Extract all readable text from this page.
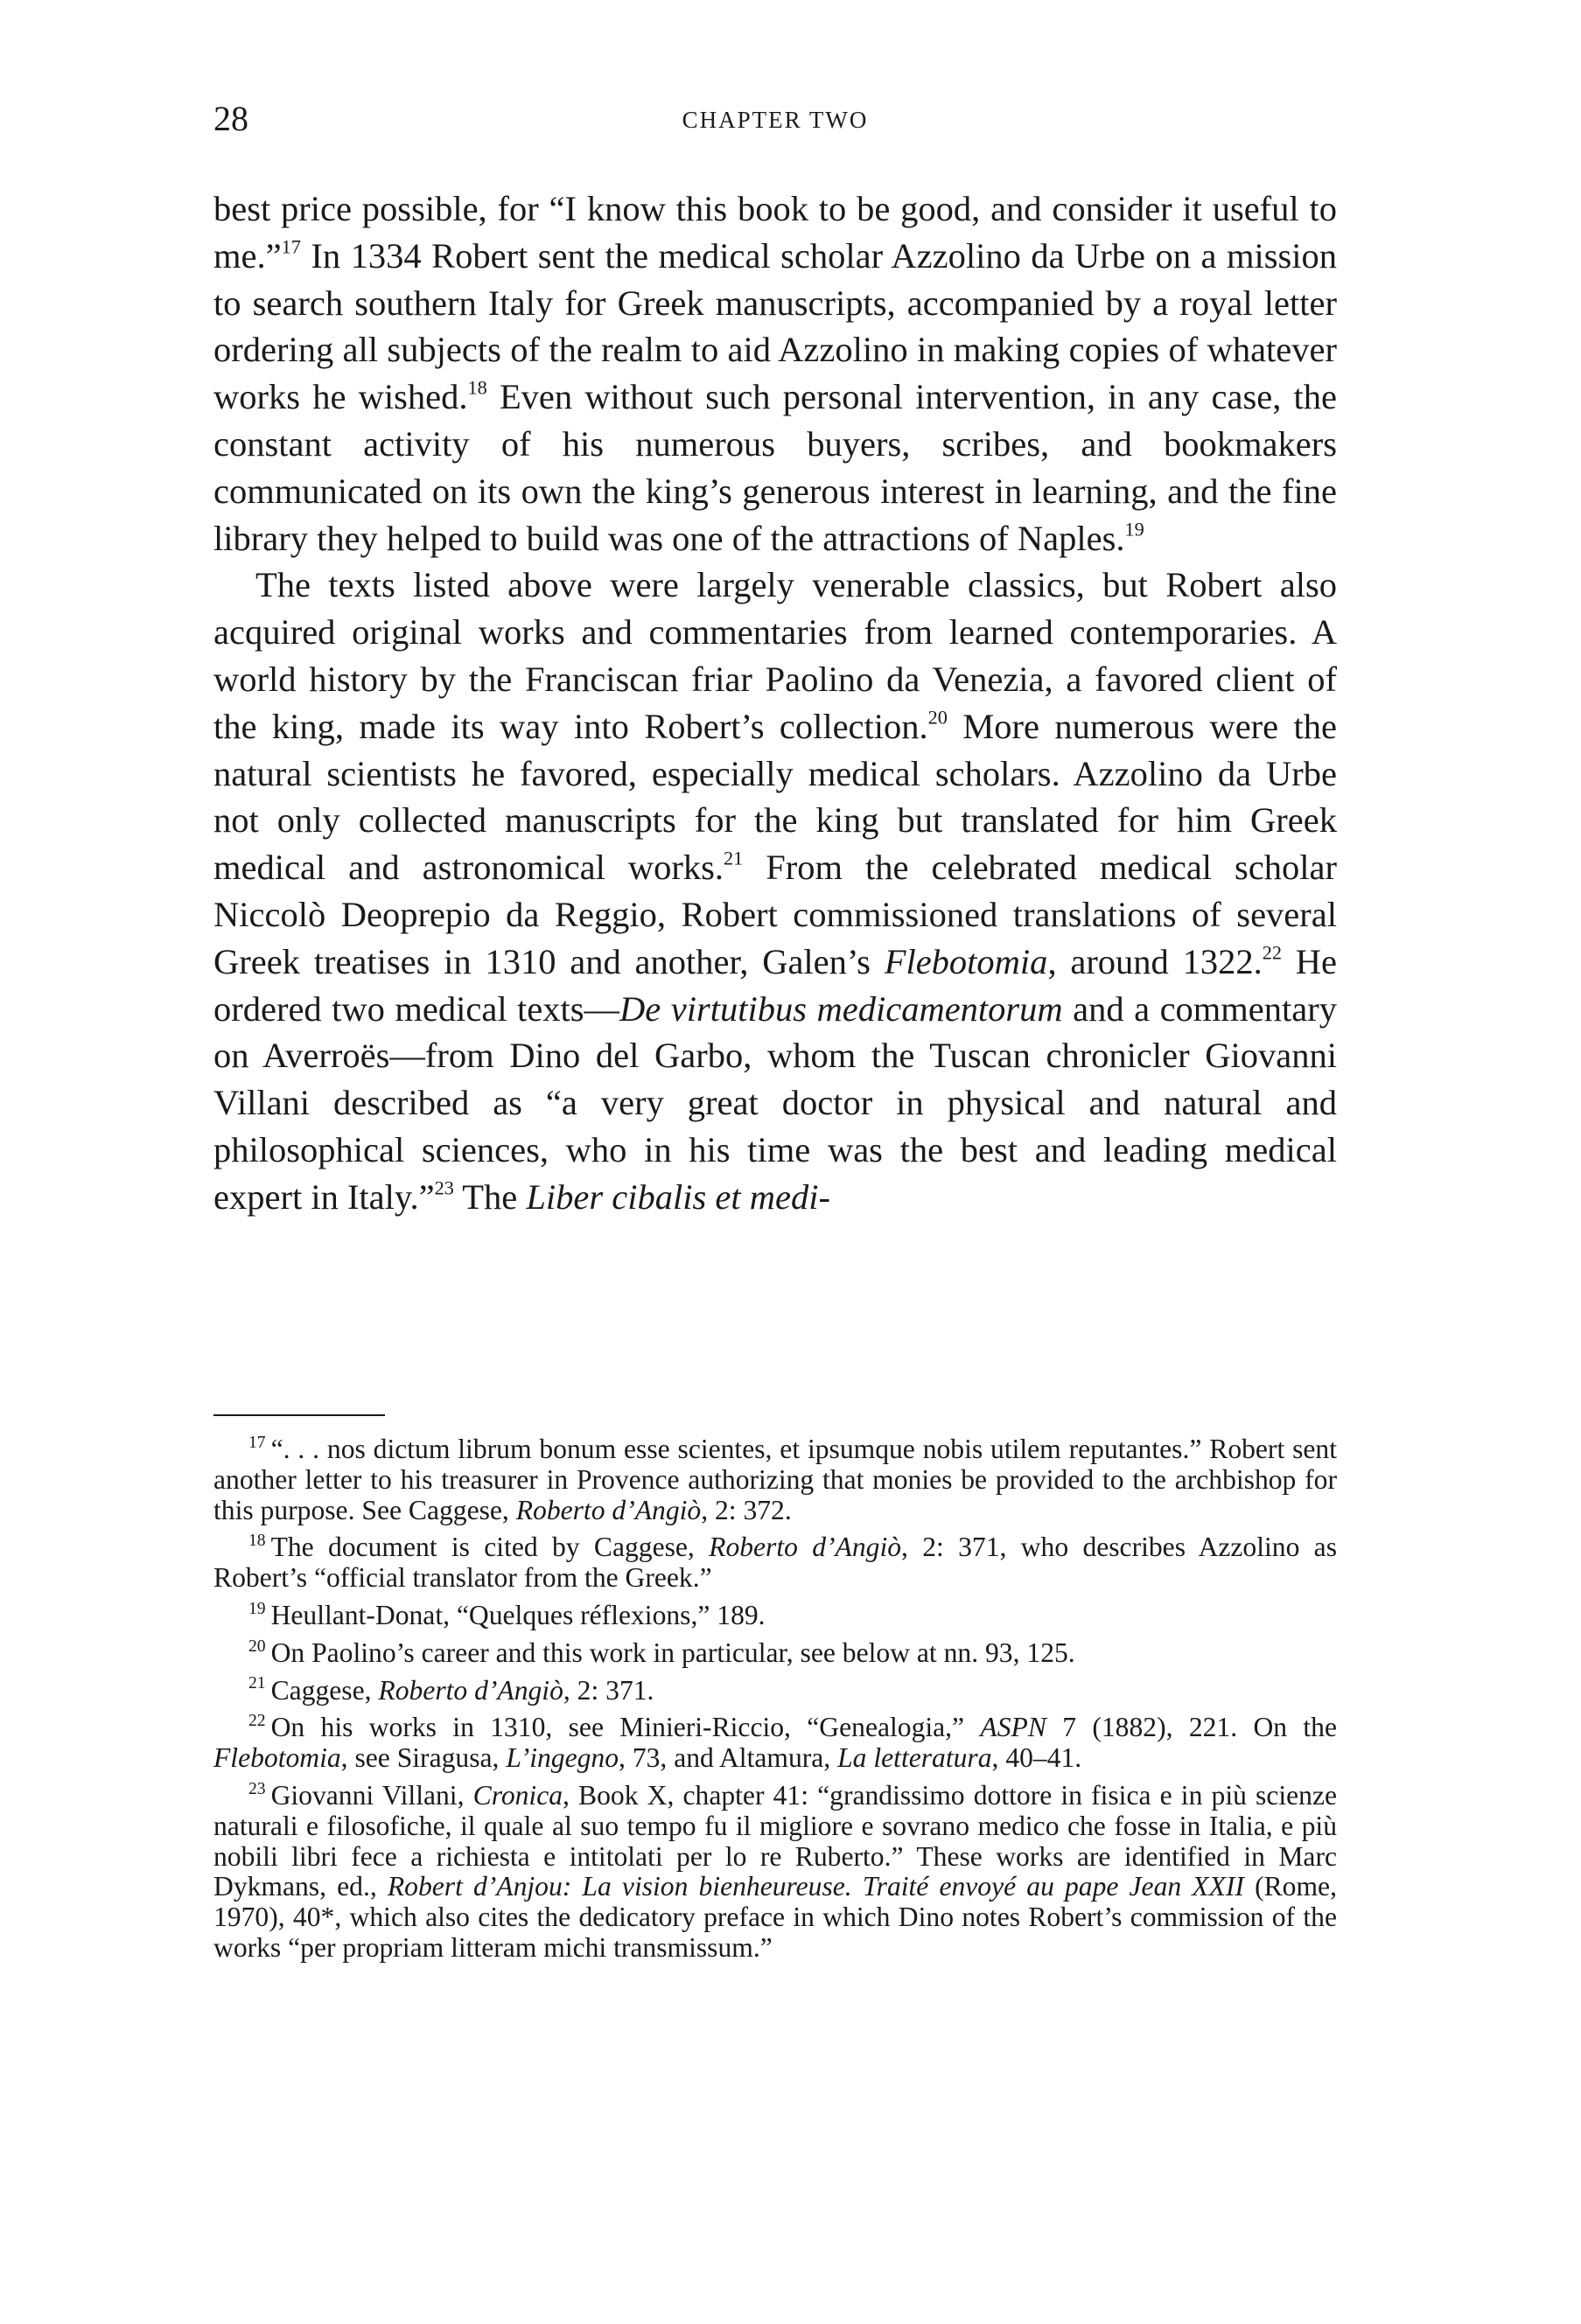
28	CHAPTER TWO

best price possible, for “I know this book to be good, and consider it useful to me.”$^{17}$ In 1334 Robert sent the medical scholar Azzolino da Urbe on a mission to search southern Italy for Greek manuscripts, accompanied by a royal letter ordering all subjects of the realm to aid Azzolino in making copies of whatever works he wished.$^{18}$ Even without such personal intervention, in any case, the constant activity of his numerous buyers, scribes, and bookmakers communicated on its own the king’s generous interest in learning, and the fine library they helped to build was one of the attractions of Naples.$^{19}$

The texts listed above were largely venerable classics, but Robert also acquired original works and commentaries from learned contemporaries. A world history by the Franciscan friar Paolino da Venezia, a favored client of the king, made its way into Robert’s collection.$^{20}$ More numerous were the natural scientists he favored, especially medical scholars. Azzolino da Urbe not only collected manuscripts for the king but translated for him Greek medical and astronomical works.$^{21}$ From the celebrated medical scholar Niccolò Deoprepio da Reggio, Robert commissioned translations of several Greek treatises in 1310 and another, Galen’s Flebotomia, around 1322.22 He ordered two medical texts—De virtutibus medicamentorum and a commentary on Averroës—from Dino del Garbo, whom the Tuscan chronicler Giovanni Villani described as “a very great doctor in physical and natural and philosophical sciences, who in his time was the best and leading medical expert in Italy.”$^{23}$ The Liber cibalis et medi-

$^{17}$ “. . . nos dictum librum bonum esse scientes, et ipsumque nobis utilem reputantes.” Robert sent another letter to his treasurer in Provence authorizing that monies be provided to the archbishop for this purpose. See Caggese, Roberto d’Angiò, 2: 372.

$^{18}$ The document is cited by Caggese, Roberto d’Angiò, 2: 371, who describes Azzolino as Robert’s “official translator from the Greek.”

$^{19}$ Heullant-Donat, “Quelques réflexions,” 189.

$^{20}$ On Paolino’s career and this work in particular, see below at nn. 93, 125.

$^{21}$ Caggese, Roberto d’Angiò, 2: 371.

$^{22}$ On his works in 1310, see Minieri-Riccio, “Genealogia,” ASPN 7 (1882), 221. On the Flebotomia, see Siragusa, L’ingegno, 73, and Altamura, La letteratura, 40–41.

$^{23}$ Giovanni Villani, Cronica, Book X, chapter 41: “grandissimo dottore in fisica e in più scienze naturali e filosofiche, il quale al suo tempo fu il migliore e sovrano medico che fosse in Italia, e più nobili libri fece a richiesta e intitolati per lo re Ruberto.” These works are identified in Marc Dykmans, ed., Robert d’Anjou: La vision bienheureuse. Traité envoyé au pape Jean XXII (Rome, 1970), 40*, which also cites the dedicatory preface in which Dino notes Robert’s commission of the works “per propriam litteram michi transmissum.”
